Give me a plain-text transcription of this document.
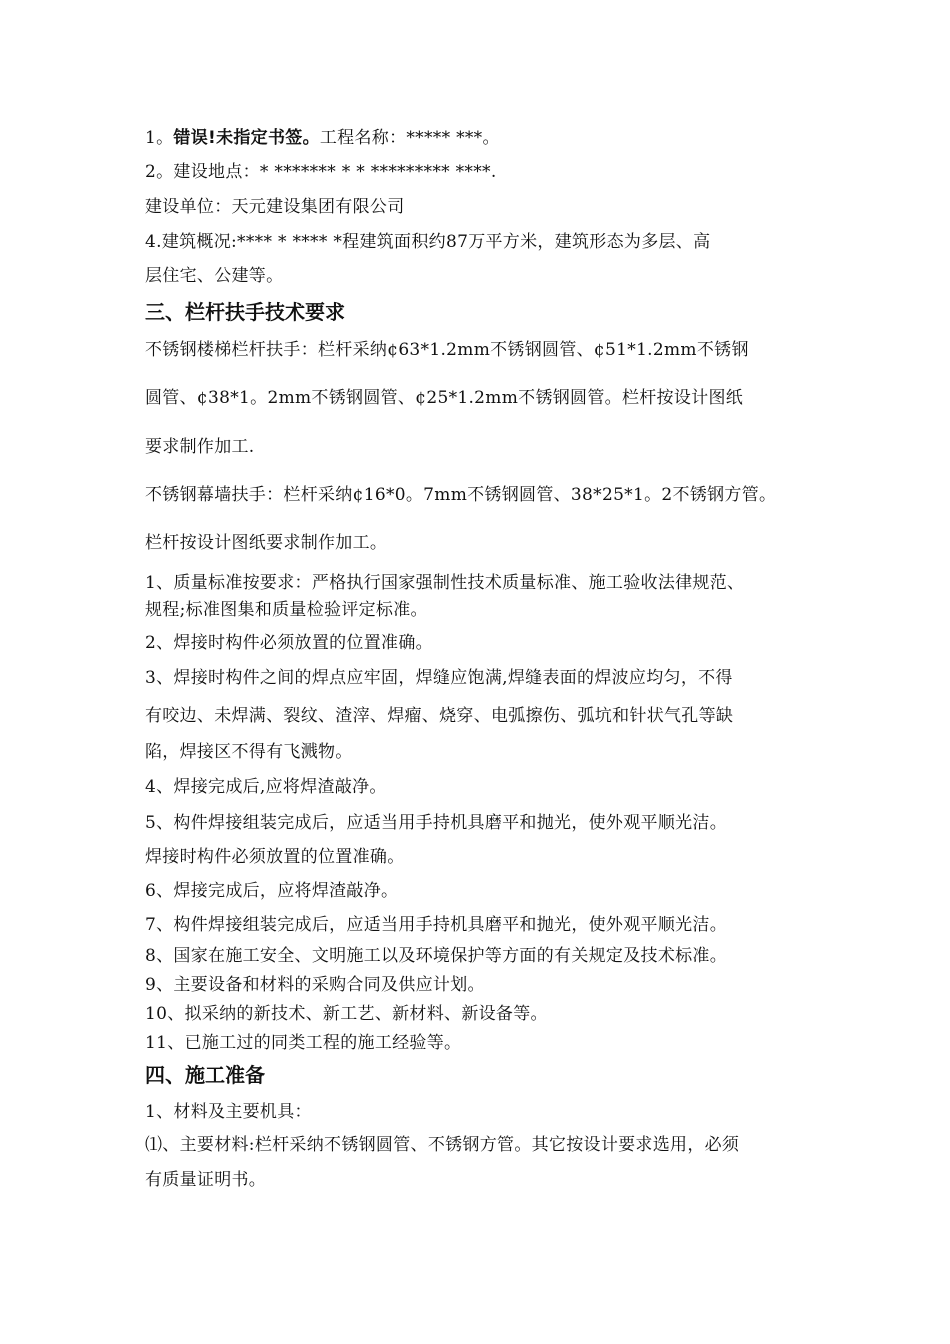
1。错误!未指定书签。工程名称：***** ***。
2。建设地点：* ******* * * ********* ****.
建设单位：天元建设集团有限公司
4.建筑概况:**** * **** *程建筑面积约87万平方米，建筑形态为多层、高
层住宅、公建等。
三、栏杆扶手技术要求
不锈钢楼梯栏杆扶手：栏杆采纳¢63*1.2mm不锈钢圆管、¢51*1.2mm不锈钢
圆管、¢38*1。2mm不锈钢圆管、¢25*1.2mm不锈钢圆管。栏杆按设计图纸
要求制作加工.
不锈钢幕墙扶手：栏杆采纳¢16*0。7mm不锈钢圆管、38*25*1。2不锈钢方管。
栏杆按设计图纸要求制作加工。
1、质量标准按要求：严格执行国家强制性技术质量标准、施工验收法律规范、
规程;标准图集和质量检验评定标准。
2、焊接时构件必须放置的位置准确。
3、焊接时构件之间的焊点应牢固，焊缝应饱满,焊缝表面的焊波应均匀，不得
有咬边、未焊满、裂纹、渣滓、焊瘤、烧穿、电弧擦伤、弧坑和针状气孔等缺
陷，焊接区不得有飞溅物。
4、焊接完成后,应将焊渣敲净。
5、构件焊接组装完成后，应适当用手持机具磨平和抛光，使外观平顺光洁。
焊接时构件必须放置的位置准确。
6、焊接完成后，应将焊渣敲净。
7、构件焊接组装完成后，应适当用手持机具磨平和抛光，使外观平顺光洁。
8、国家在施工安全、文明施工以及环境保护等方面的有关规定及技术标准。
9、主要设备和材料的采购合同及供应计划。
10、拟采纳的新技术、新工艺、新材料、新设备等。
11、已施工过的同类工程的施工经验等。
四、施工准备
1、材料及主要机具：
⑴、主要材料:栏杆采纳不锈钢圆管、不锈钢方管。其它按设计要求选用，必须
有质量证明书。
